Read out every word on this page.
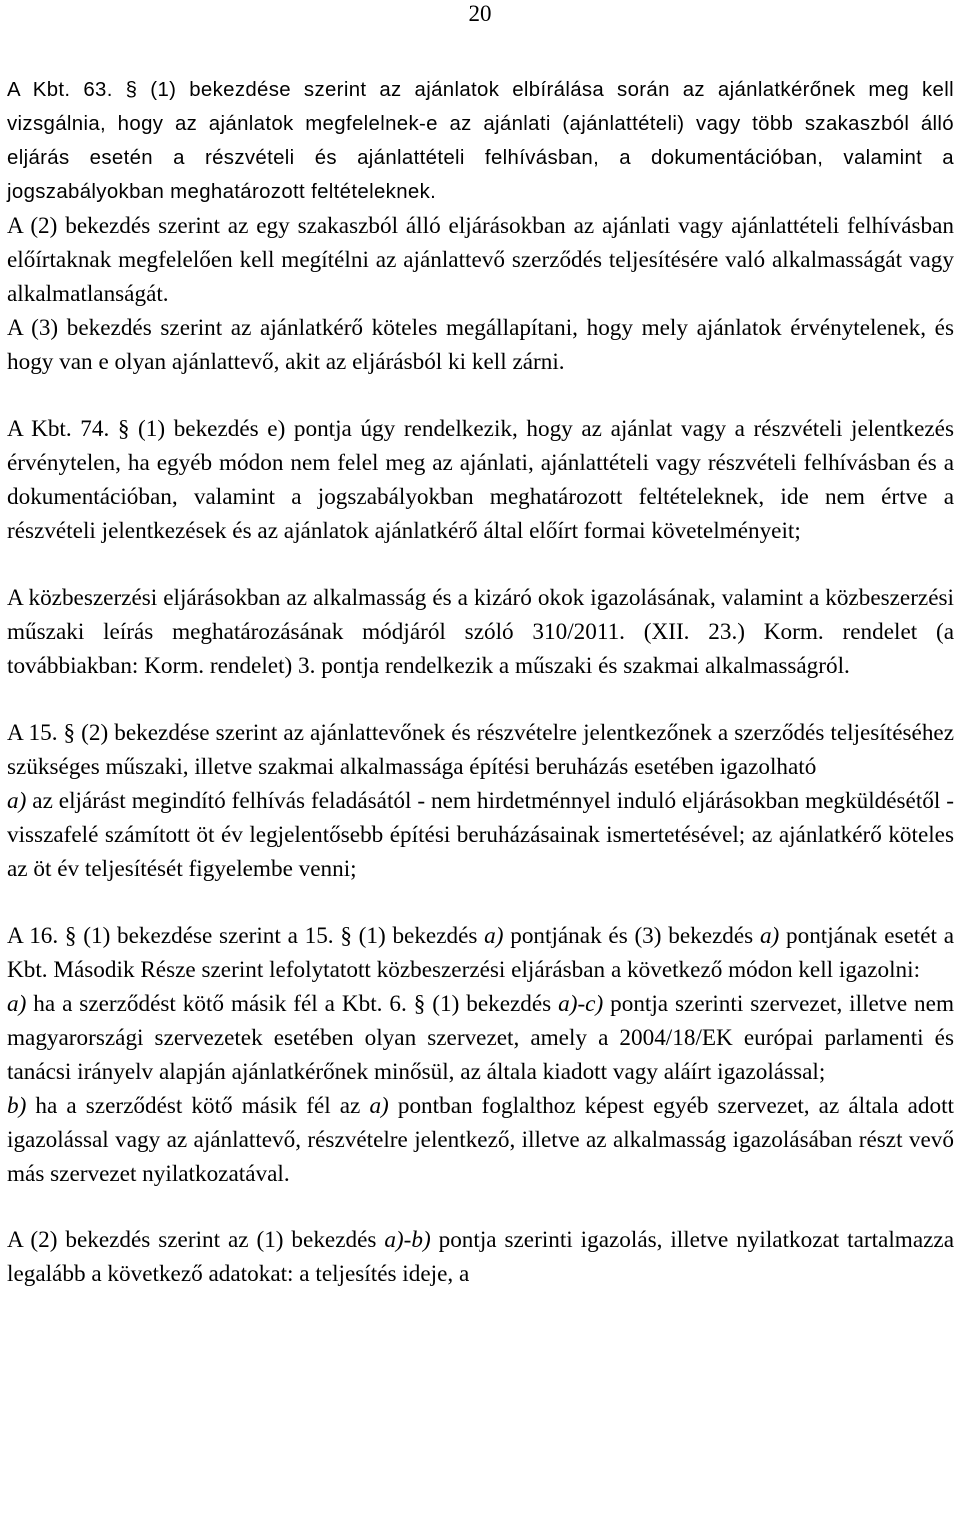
20

A Kbt. 63. § (1) bekezdése szerint az ajánlatok elbírálása során az ajánlatkérőnek meg kell vizsgálnia, hogy az ajánlatok megfelelnek-e az ajánlati (ajánlattételi) vagy több szakaszból álló eljárás esetén a részvételi és ajánlattételi felhívásban, a dokumentációban, valamint a jogszabályokban meghatározott feltételeknek.

A (2) bekezdés szerint az egy szakaszból álló eljárásokban az ajánlati vagy ajánlattételi felhívásban előírtaknak megfelelően kell megítélni az ajánlattevő szerződés teljesítésére való alkalmasságát vagy alkalmatlanságát.

A (3) bekezdés szerint az ajánlatkérő köteles megállapítani, hogy mely ajánlatok érvénytelenek, és hogy van e olyan ajánlattevő, akit az eljárásból ki kell zárni.

A Kbt. 74. § (1) bekezdés e) pontja úgy rendelkezik, hogy az ajánlat vagy a részvételi jelentkezés érvénytelen, ha egyéb módon nem felel meg az ajánlati, ajánlattételi vagy részvételi felhívásban és a dokumentációban, valamint a jogszabályokban meghatározott feltételeknek, ide nem értve a részvételi jelentkezések és az ajánlatok ajánlatkérő által előírt formai követelményeit;

A közbeszerzési eljárásokban az alkalmasság és a kizáró okok igazolásának, valamint a közbeszerzési műszaki leírás meghatározásának módjáról szóló 310/2011. (XII. 23.) Korm. rendelet (a továbbiakban: Korm. rendelet) 3. pontja rendelkezik a műszaki és szakmai alkalmasságról.

A 15. § (2) bekezdése szerint az ajánlattevőnek és részvételre jelentkezőnek a szerződés teljesítéséhez szükséges műszaki, illetve szakmai alkalmassága építési beruházás esetében igazolható

a) az eljárást megindító felhívás feladásától - nem hirdetménnyel induló eljárásokban megküldésétől - visszafelé számított öt év legjelentősebb építési beruházásainak ismertetésével; az ajánlatkérő köteles az öt év teljesítését figyelembe venni;

A 16. § (1) bekezdése szerint a 15. § (1) bekezdés a) pontjának és (3) bekezdés a) pontjának esetét a Kbt. Második Része szerint lefolytatott közbeszerzési eljárásban a következő módon kell igazolni:

a) ha a szerződést kötő másik fél a Kbt. 6. § (1) bekezdés a)-c) pontja szerinti szervezet, illetve nem magyarországi szervezetek esetében olyan szervezet, amely a 2004/18/EK európai parlamenti és tanácsi irányelv alapján ajánlatkérőnek minősül, az általa kiadott vagy aláírt igazolással;

b) ha a szerződést kötő másik fél az a) pontban foglalthoz képest egyéb szervezet, az általa adott igazolással vagy az ajánlattevő, részvételre jelentkező, illetve az alkalmasság igazolásában részt vevő más szervezet nyilatkozatával.

A (2) bekezdés szerint az (1) bekezdés a)-b) pontja szerinti igazolás, illetve nyilatkozat tartalmazza legalább a következő adatokat: a teljesítés ideje, a
